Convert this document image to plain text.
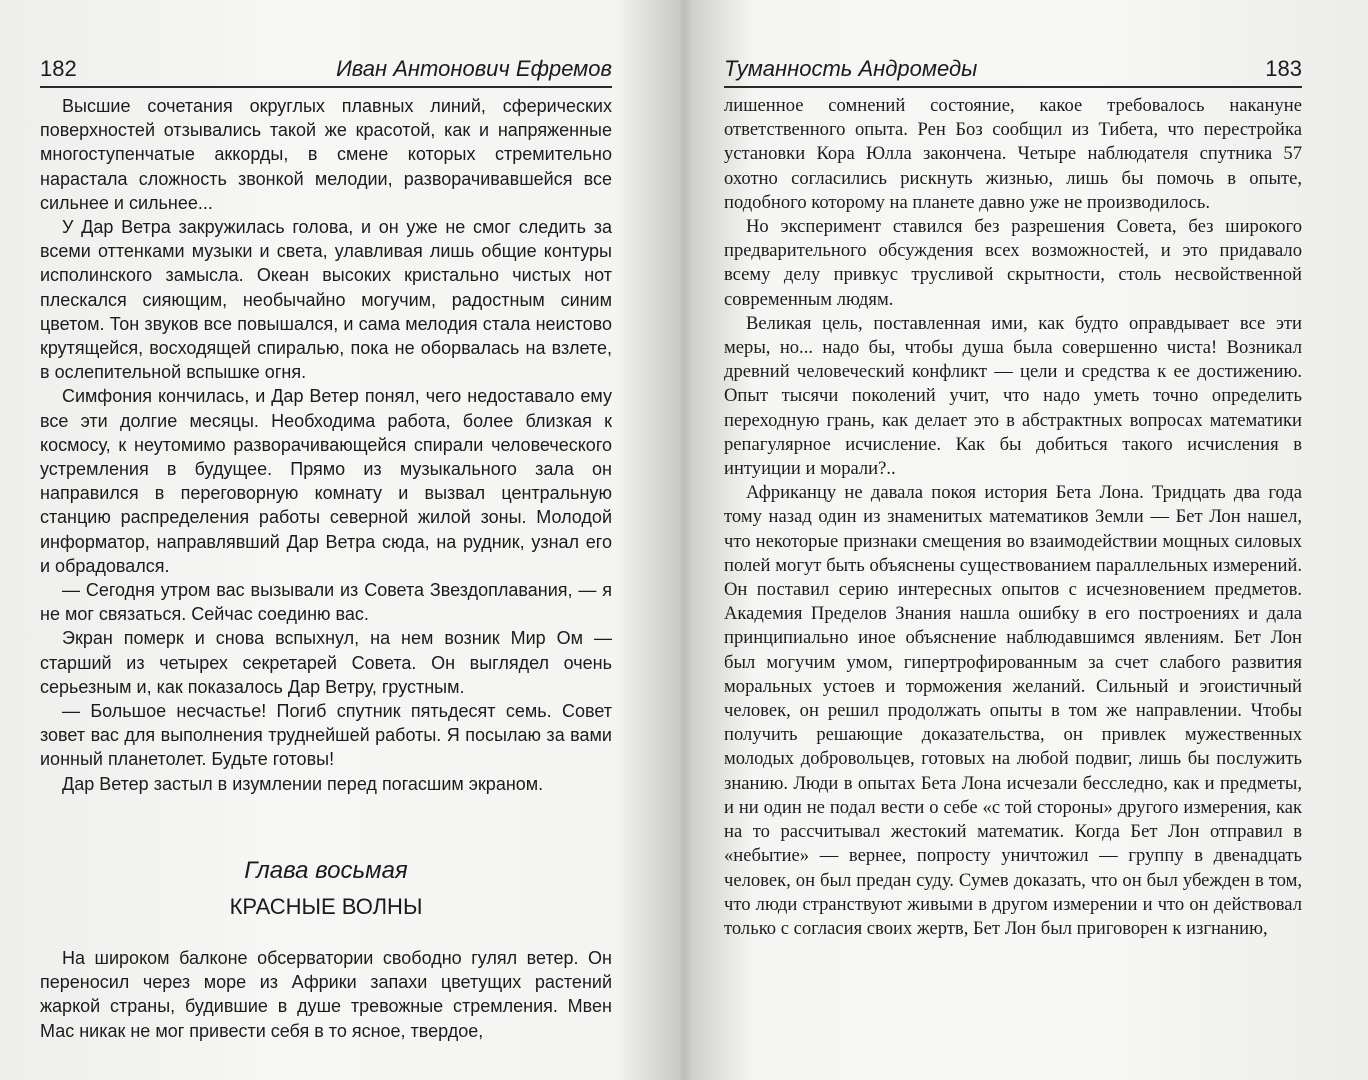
182	Иван Антонович Ефремов

Высшие сочетания округлых плавных линий, сферических поверхностей отзывались такой же красотой, как и напряженные многоступенчатые аккорды, в смене которых стремительно нарастала сложность звонкой мелодии, разворачивавшейся все сильнее и сильнее...

У Дар Ветра закружилась голова, и он уже не смог следить за всеми оттенками музыки и света, улавливая лишь общие контуры исполинского замысла. Океан высоких кристально чистых нот плескался сияющим, необычайно могучим, радостным синим цветом. Тон звуков все повышался, и сама мелодия стала неистово крутящейся, восходящей спиралью, пока не оборвалась на взлете, в ослепительной вспышке огня.

Симфония кончилась, и Дар Ветер понял, чего недоставало ему все эти долгие месяцы. Необходима работа, более близкая к космосу, к неутомимо разворачивающейся спирали человеческого устремления в будущее. Прямо из музыкального зала он направился в переговорную комнату и вызвал центральную станцию распределения работы северной жилой зоны. Молодой информатор, направлявший Дар Ветра сюда, на рудник, узнал его и обрадовался.

— Сегодня утром вас вызывали из Совета Звездоплавания, — я не мог связаться. Сейчас соединю вас.

Экран померк и снова вспыхнул, на нем возник Мир Ом — старший из четырех секретарей Совета. Он выглядел очень серьезным и, как показалось Дар Ветру, грустным.

— Большое несчастье! Погиб спутник пятьдесят семь. Совет зовет вас для выполнения труднейшей работы. Я посылаю за вами ионный планетолет. Будьте готовы!

Дар Ветер застыл в изумлении перед погасшим экраном.

Глава восьмая
КРАСНЫЕ ВОЛНЫ

На широком балконе обсерватории свободно гулял ветер. Он переносил через море из Африки запахи цветущих растений жаркой страны, будившие в душе тревожные стремления. Мвен Мас никак не мог привести себя в то ясное, твердое,

Туманность Андромеды	183

лишенное сомнений состояние, какое требовалось накануне ответственного опыта. Рен Боз сообщил из Тибета, что перестройка установки Кора Юлла закончена. Четыре наблюдателя спутника 57 охотно согласились рискнуть жизнью, лишь бы помочь в опыте, подобного которому на планете давно уже не производилось.

Но эксперимент ставился без разрешения Совета, без широкого предварительного обсуждения всех возможностей, и это придавало всему делу привкус трусливой скрытности, столь несвойственной современным людям.

Великая цель, поставленная ими, как будто оправдывает все эти меры, но... надо бы, чтобы душа была совершенно чиста! Возникал древний человеческий конфликт — цели и средства к ее достижению. Опыт тысячи поколений учит, что надо уметь точно определить переходную грань, как делает это в абстрактных вопросах математики репагулярное исчисление. Как бы добиться такого исчисления в интуиции и морали?..

Африканцу не давала покоя история Бета Лона. Тридцать два года тому назад один из знаменитых математиков Земли — Бет Лон нашел, что некоторые признаки смещения во взаимодействии мощных силовых полей могут быть объяснены существованием параллельных измерений. Он поставил серию интересных опытов с исчезновением предметов. Академия Пределов Знания нашла ошибку в его построениях и дала принципиально иное объяснение наблюдавшимся явлениям. Бет Лон был могучим умом, гипертрофированным за счет слабого развития моральных устоев и торможения желаний. Сильный и эгоистичный человек, он решил продолжать опыты в том же направлении. Чтобы получить решающие доказательства, он привлек мужественных молодых добровольцев, готовых на любой подвиг, лишь бы послужить знанию. Люди в опытах Бета Лона исчезали бесследно, как и предметы, и ни один не подал вести о себе «с той стороны» другого измерения, как на то рассчитывал жестокий математик. Когда Бет Лон отправил в «небытие» — вернее, попросту уничтожил — группу в двенадцать человек, он был предан суду. Сумев доказать, что он был убежден в том, что люди странствуют живыми в другом измерении и что он действовал только с согласия своих жертв, Бет Лон был приговорен к изгнанию,
